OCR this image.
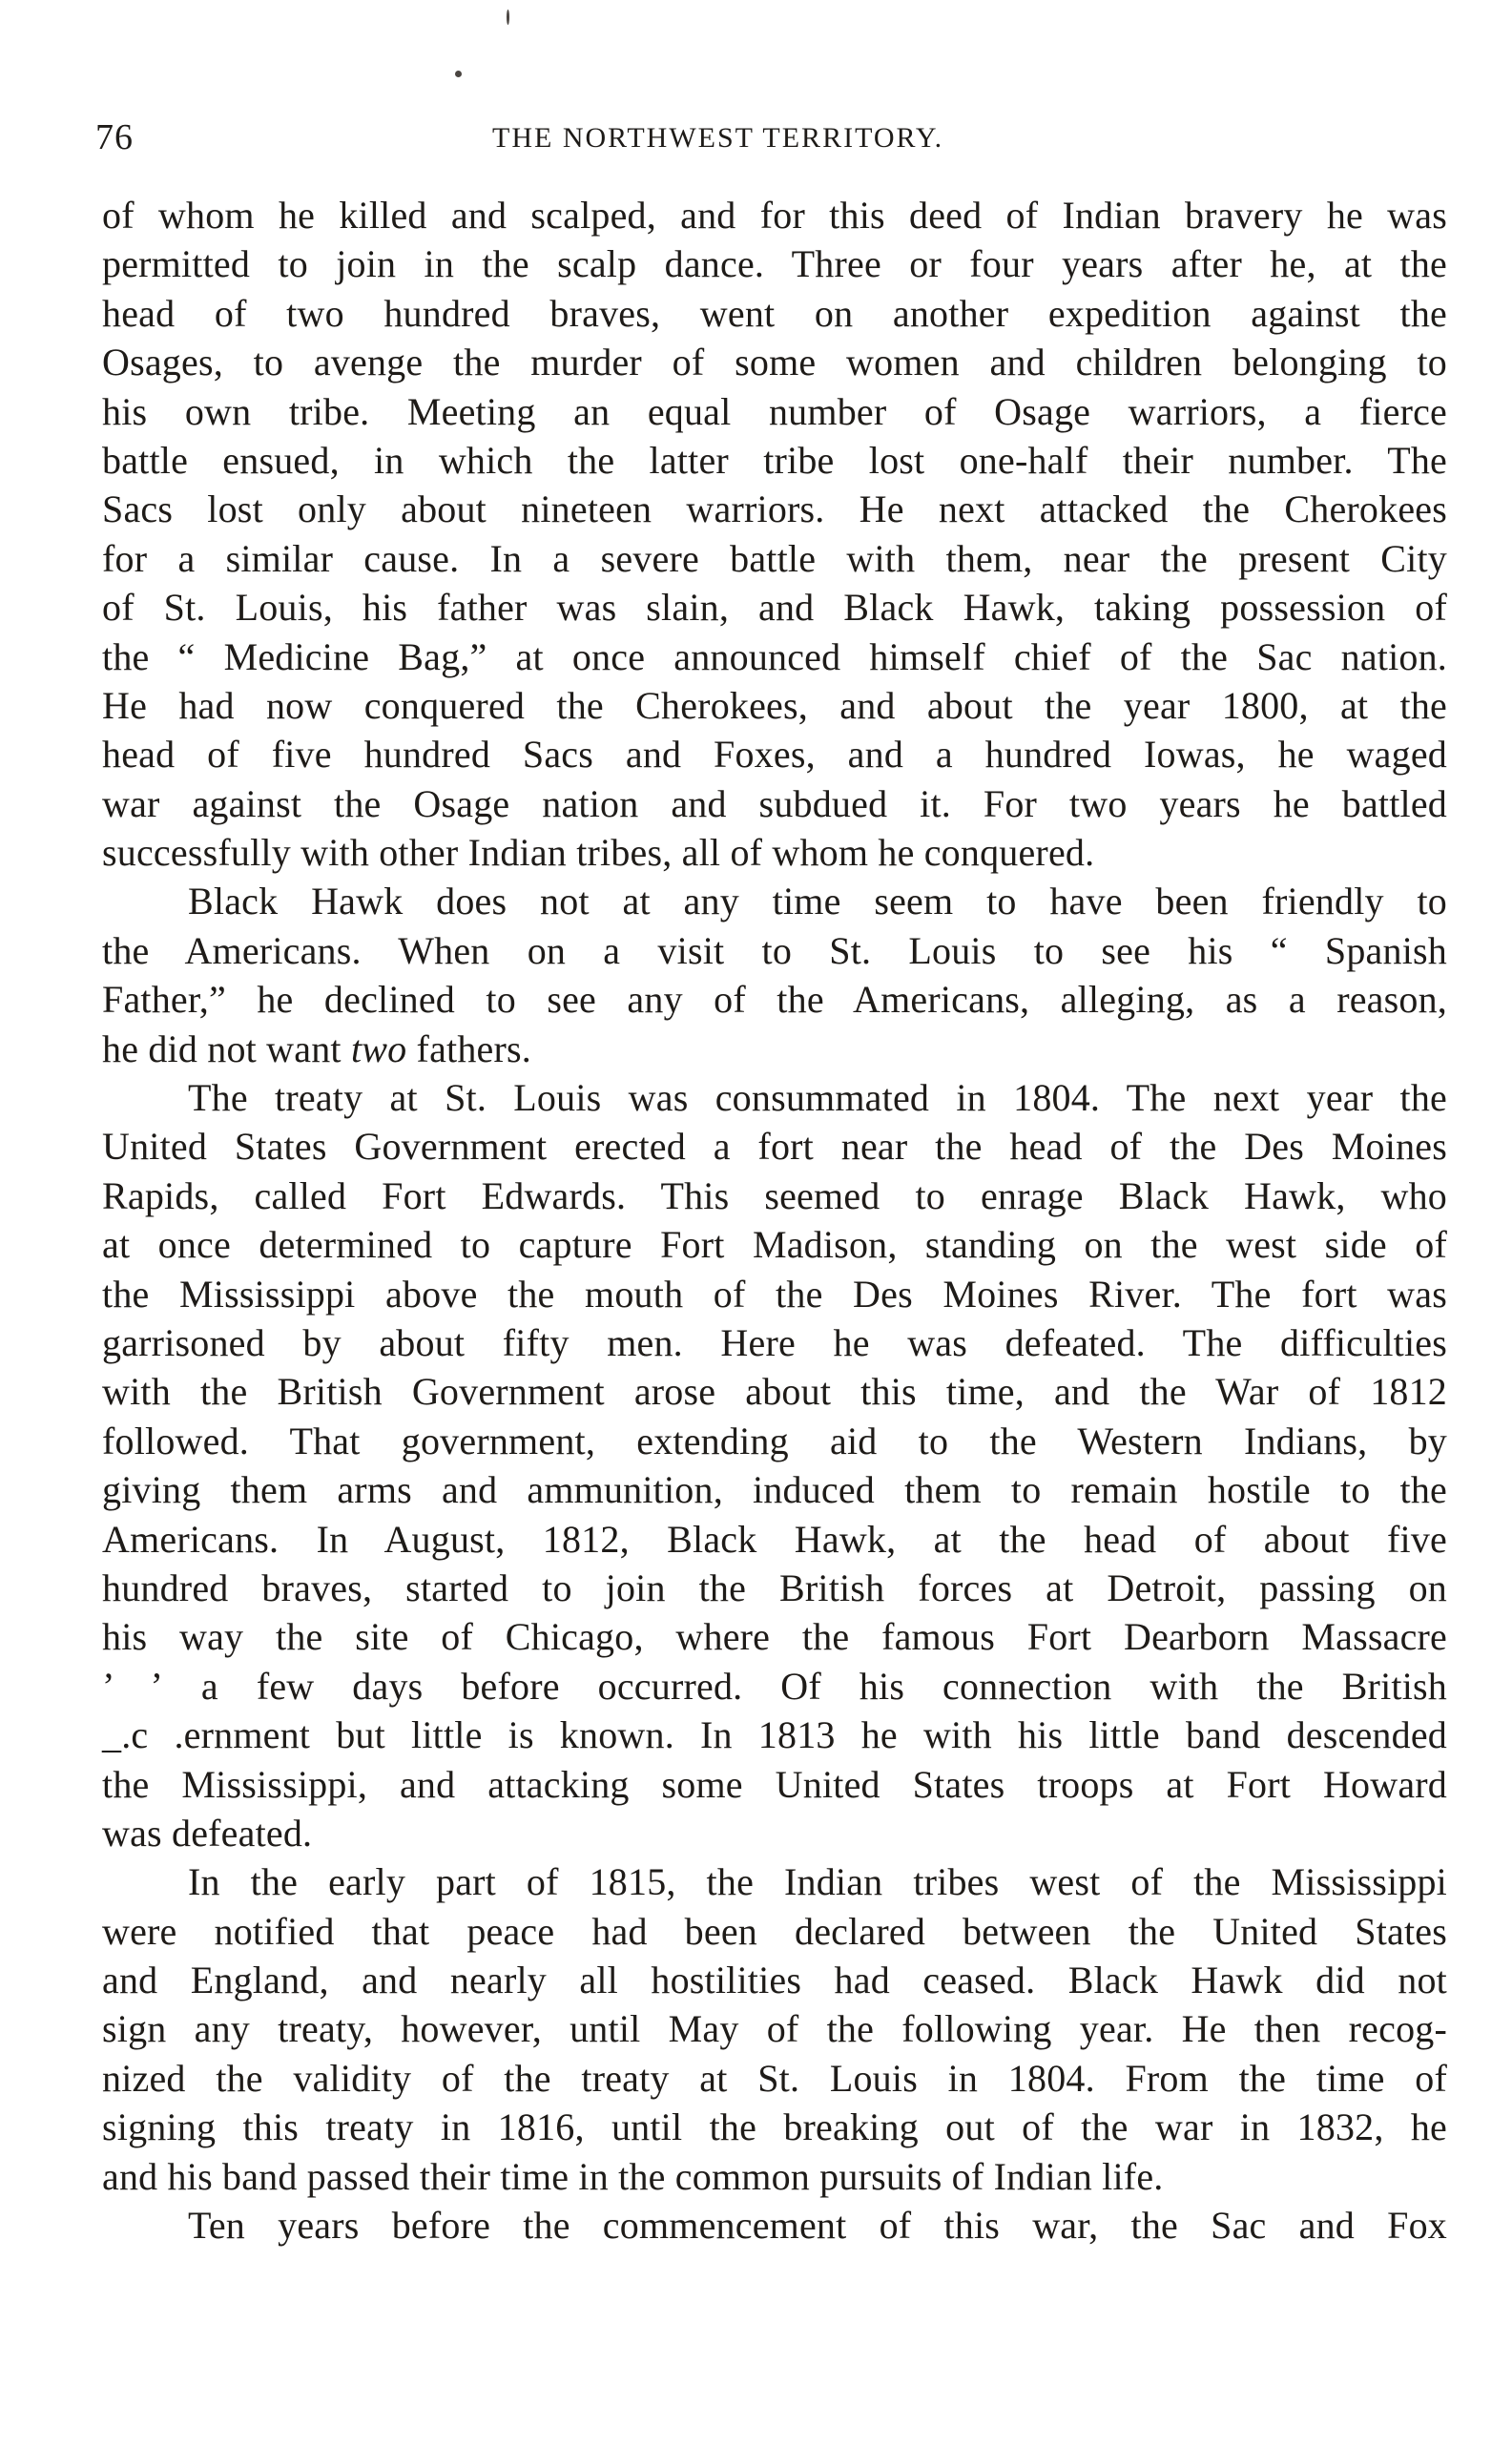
76	THE NORTHWEST TERRITORY.
of whom he killed and scalped, and for this deed of Indian bravery he was
permitted to join in the scalp dance. Three or four years after he, at the
head of two hundred braves, went on another expedition against the
Osages, to avenge the murder of some women and children belonging to
his own tribe. Meeting an equal number of Osage warriors, a fierce
battle ensued, in which the latter tribe lost one-half their number. The
Sacs lost only about nineteen warriors. He next attacked the Cherokees
for a similar cause. In a severe battle with them, near the present City
of St. Louis, his father was slain, and Black Hawk, taking possession of
the “ Medicine Bag,” at once announced himself chief of the Sac nation.
He had now conquered the Cherokees, and about the year 1800, at the
head of five hundred Sacs and Foxes, and a hundred Iowas, he waged
war against the Osage nation and subdued it. For two years he battled
successfully with other Indian tribes, all of whom he conquered.
Black Hawk does not at any time seem to have been friendly to
the Americans. When on a visit to St. Louis to see his “ Spanish
Father,” he declined to see any of the Americans, alleging, as a reason,
he did not want two fathers.
The treaty at St. Louis was consummated in 1804. The next year the
United States Government erected a fort near the head of the Des Moines
Rapids, called Fort Edwards. This seemed to enrage Black Hawk, who
at once determined to capture Fort Madison, standing on the west side of
the Mississippi above the mouth of the Des Moines River. The fort was
garrisoned by about fifty men. Here he was defeated. The difficulties
with the British Government arose about this time, and the War of 1812
followed. That government, extending aid to the Western Indians, by
giving them arms and ammunition, induced them to remain hostile to the
Americans. In August, 1812, Black Hawk, at the head of about five
hundred braves, started to join the British forces at Detroit, passing on
his way the site of Chicago, where the famous Fort Dearborn Massacre
’ ʼ a few days before occurred. Of his connection with the British
_.c .ernment but little is known. In 1813 he with his little band descended
the Mississippi, and attacking some United States troops at Fort Howard
was defeated.
In the early part of 1815, the Indian tribes west of the Mississippi
were notified that peace had been declared between the United States
and England, and nearly all hostilities had ceased. Black Hawk did not
sign any treaty, however, until May of the following year. He then recog-
nized the validity of the treaty at St. Louis in 1804. From the time of
signing this treaty in 1816, until the breaking out of the war in 1832, he
and his band passed their time in the common pursuits of Indian life.
Ten years before the commencement of this war, the Sac and Fox
